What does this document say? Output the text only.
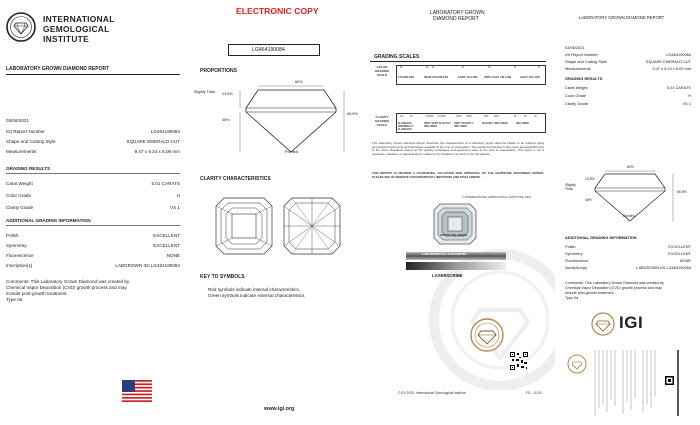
INTERNATIONAL
GEMOLOGICAL
INSTITUTE
LABORATORY GROWN DIAMOND REPORT
03/06/2021
IGI Report Number	LG464190084
Shape and Cutting Style	SQUARE EMERALD CUT
Measurements	9.47 x 9.24 x 6.09 mm
GRADING RESULTS
Carat Weight	5.01 CARATS
Color Grade	H
Clarity Grade	VS 1
ADDITIONAL GRADING INFORMATION
Polish	EXCELLENT
Symmetry	EXCELLENT
Fluorescence	NONE
Inscription(s)	LABGROWN IGI LG464190084
Comments: This Laboratory Grown Diamond was created by
Chemical Vapor Deposition (CVD) growth process and may
include post-growth treatment.
Type IIa
ELECTRONIC COPY
LG464190084
PROPORTIONS
60%
13.5%
Slightly Thick
46%
65.9%
Pointed
CLARITY CHARACTERISTICS
KEY TO SYMBOLS
Red symbols indicate internal characteristics.
Green symbols indicate external characteristics.
www.igi.org
LABORATORY GROWN
DIAMOND REPORT
GRADING SCALES
COLOR GRADING SCALE
D	G H	K	N	S	Z
COLORLESS	NEAR COLORLESS	FAINT YELLOW	VERY LIGHT YELLOW	LIGHT YELLOW
CLARITY GRADING SCALE
FL IF	VVS1 VVS2	VS1 VS2	SI1 SI2	I1 I2 I3
FLAWLESS INTERNALLY FLAWLESS
VERY VERY SLIGHTLY INCLUDED
VERY SLIGHTLY INCLUDED
SLIGHTLY INCLUDED	INCLUDED
This Laboratory Grown Diamond Report describes the characteristics of a laboratory grown diamond based on an analysis using gemological instruments and techniques available at the time of examination. The results documented in this report are applicable only to the stone described, based on the grading techniques and equipment used at the time of examination. This report is not a guarantee, valuation or appraisal and is subject to the limitations set forth on the IGI website.
THIS REPORT IS NEITHER A GUARANTEE, VALUATION NOR APPRAISAL OF THE GEMSTONE DESCRIBED HEREIN. PLEASE SEE IGI WEBSITE FOR IMPORTANT LIMITATIONS AND DISCLAIMERS.
© INTERNATIONAL GEMOLOGICAL INSTITUTE, 2021
PHOTO ENLARGED
LABGROWN IGI LG464190084
LASERSCRIBE
© IGI 2020, International Gemological Institute	FD - 10.00
LABORATORY GROWN DIAMOND REPORT
03/06/2021
IGI Report Number	LG464190084
Shape and Cutting Style	SQUARE EMERALD CUT
Measurements	9.47 x 9.24 x 6.09 mm
GRADING RESULTS
Carat Weight	5.01 CARATS
Color Grade	H
Clarity Grade	VS 1
60%
13.5%
Slightly Thick
46%
65.9%
Pointed
ADDITIONAL GRADING INFORMATION
Polish	EXCELLENT
Symmetry	EXCELLENT
Fluorescence	NONE
Inscription(s)	LABGROWN IGI LG464190084
Comments: This Laboratory Grown Diamond was created by
Chemical Vapor Deposition (CVD) growth process and may
include post-growth treatment.
Type IIa
IGI
